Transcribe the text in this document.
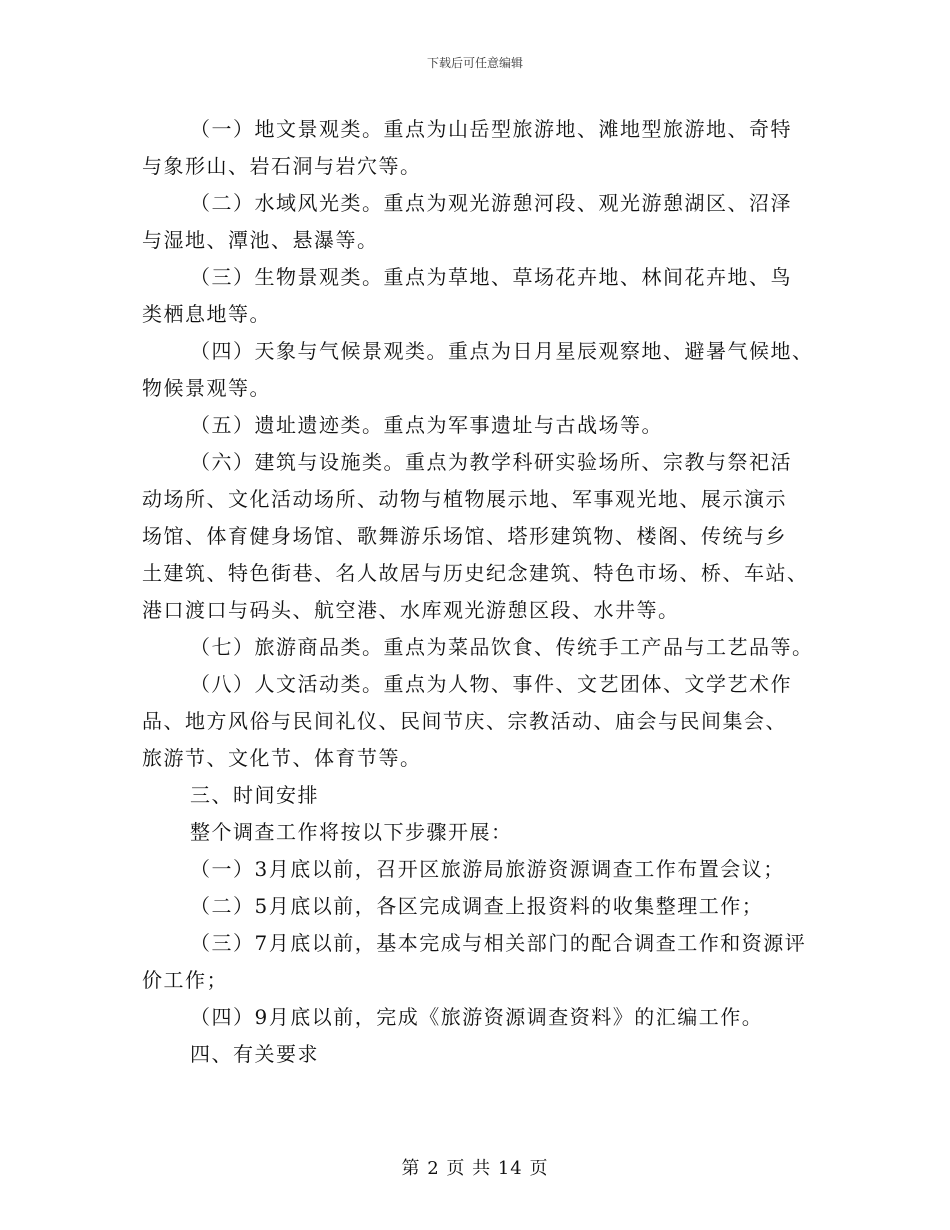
下载后可任意编辑
（一）地文景观类。重点为山岳型旅游地、滩地型旅游地、奇特
与象形山、岩石洞与岩穴等。
（二）水域风光类。重点为观光游憩河段、观光游憩湖区、沼泽
与湿地、潭池、悬瀑等。
（三）生物景观类。重点为草地、草场花卉地、林间花卉地、鸟
类栖息地等。
（四）天象与气候景观类。重点为日月星辰观察地、避暑气候地、
物候景观等。
（五）遗址遗迹类。重点为军事遗址与古战场等。
（六）建筑与设施类。重点为教学科研实验场所、宗教与祭祀活
动场所、文化活动场所、动物与植物展示地、军事观光地、展示演示
场馆、体育健身场馆、歌舞游乐场馆、塔形建筑物、楼阁、传统与乡
土建筑、特色街巷、名人故居与历史纪念建筑、特色市场、桥、车站、
港口渡口与码头、航空港、水库观光游憩区段、水井等。
（七）旅游商品类。重点为菜品饮食、传统手工产品与工艺品等。
（八）人文活动类。重点为人物、事件、文艺团体、文学艺术作
品、地方风俗与民间礼仪、民间节庆、宗教活动、庙会与民间集会、
旅游节、文化节、体育节等。
三、时间安排
整个调查工作将按以下步骤开展：
（一）3月底以前，召开区旅游局旅游资源调查工作布置会议；
（二）5月底以前，各区完成调查上报资料的收集整理工作；
（三）7月底以前，基本完成与相关部门的配合调查工作和资源评
价工作；
（四）9月底以前，完成《旅游资源调查资料》的汇编工作。
四、有关要求
第 2 页 共 14 页
